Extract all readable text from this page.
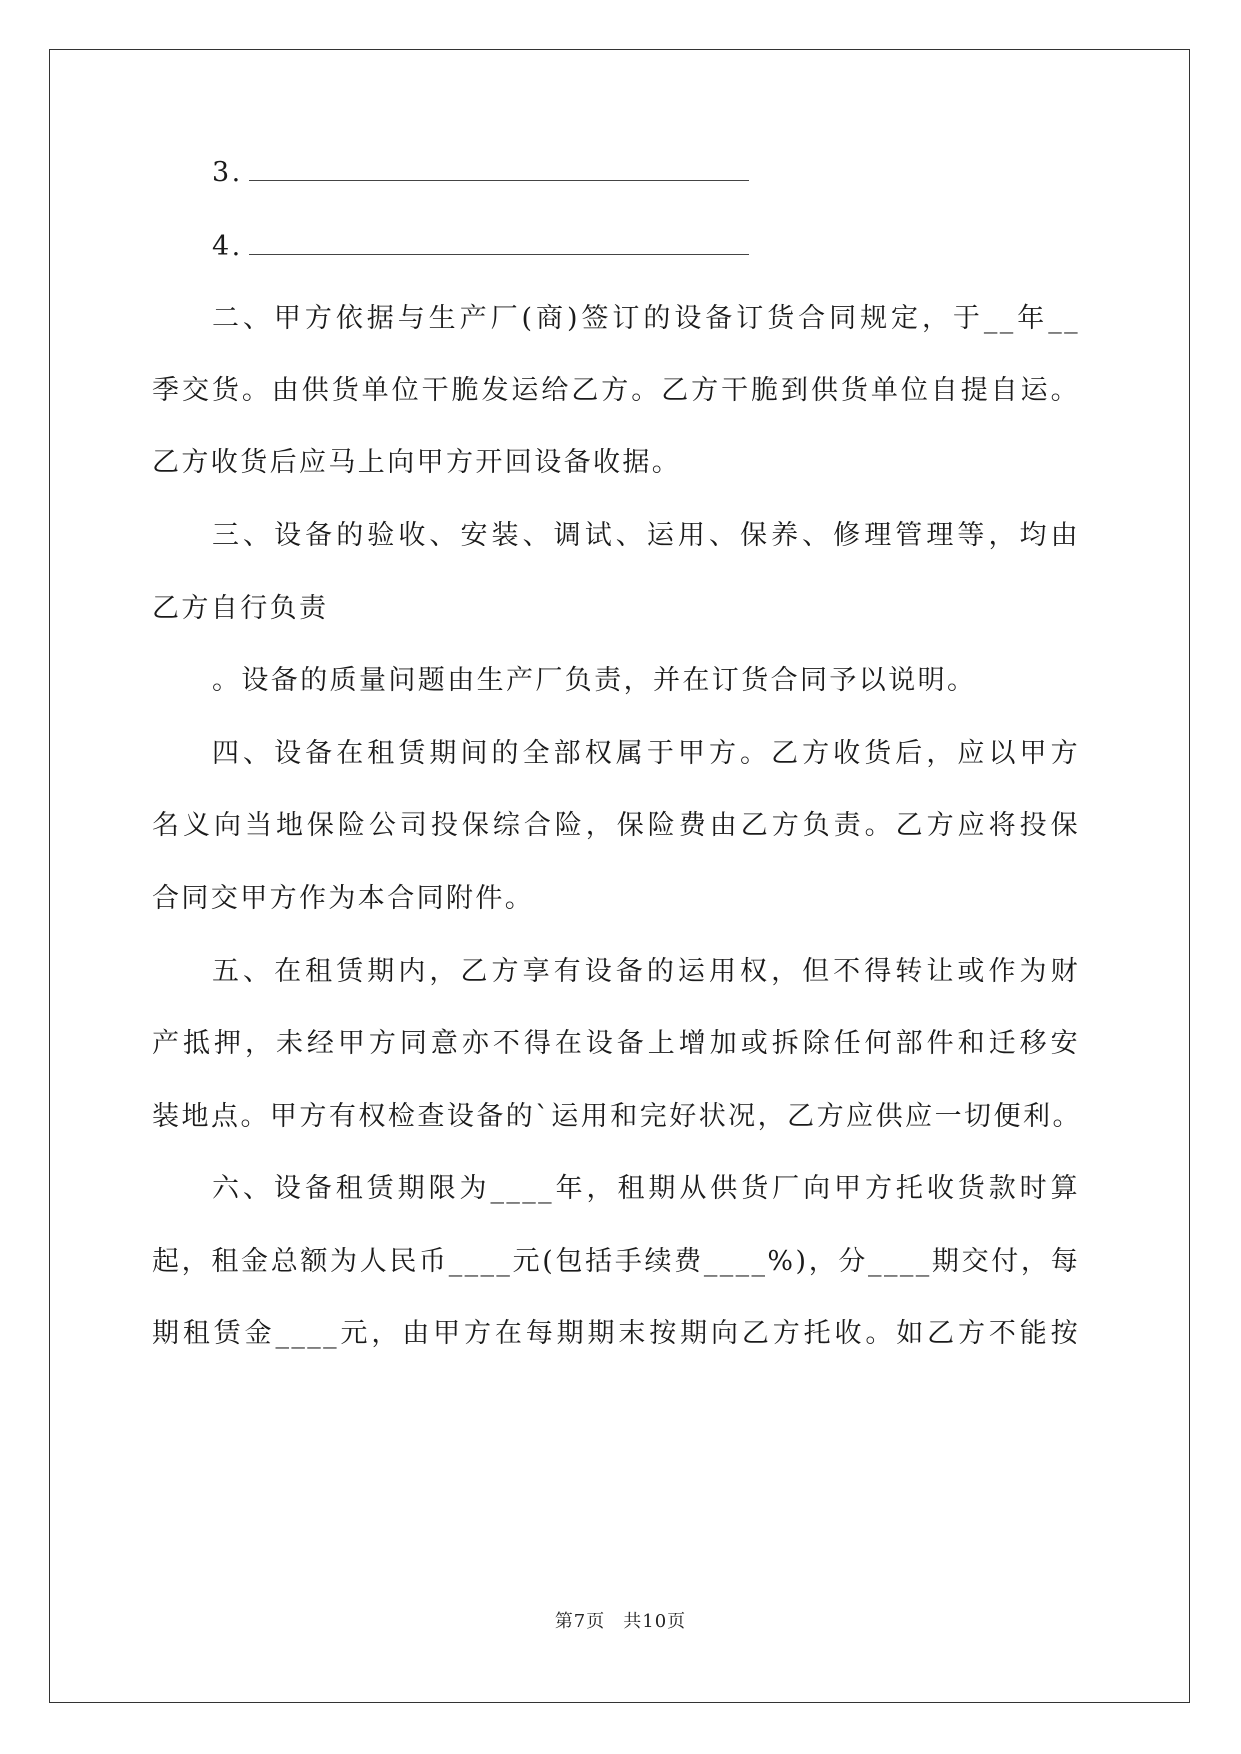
3.
4.
二、甲方依据与生产厂(商)签订的设备订货合同规定，于__年__
季交货。由供货单位干脆发运给乙方。乙方干脆到供货单位自提自运。
乙方收货后应马上向甲方开回设备收据。
三、设备的验收、安装、调试、运用、保养、修理管理等，均由
乙方自行负责
。设备的质量问题由生产厂负责，并在订货合同予以说明。
四、设备在租赁期间的全部权属于甲方。乙方收货后，应以甲方
名义向当地保险公司投保综合险，保险费由乙方负责。乙方应将投保
合同交甲方作为本合同附件。
五、在租赁期内，乙方享有设备的运用权，但不得转让或作为财
产抵押，未经甲方同意亦不得在设备上增加或拆除任何部件和迁移安
装地点。甲方有权检查设备的`运用和完好状况，乙方应供应一切便利。
六、设备租赁期限为____年，租期从供货厂向甲方托收货款时算
起，租金总额为人民币____元(包括手续费____%)，分____期交付，每
期租赁金____元，由甲方在每期期末按期向乙方托收。如乙方不能按
第7页 共10页
